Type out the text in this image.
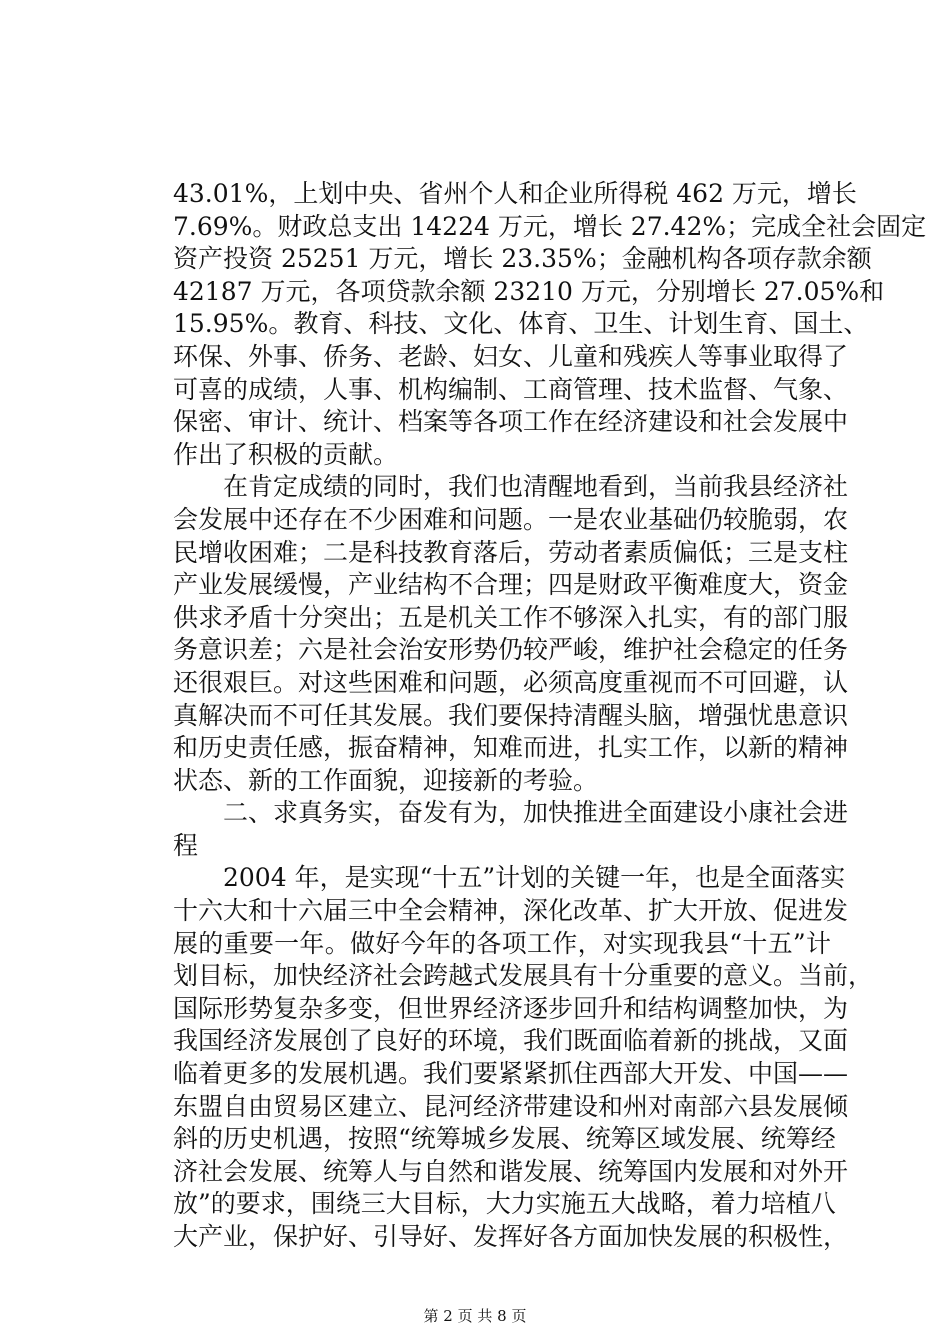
43.01%，上划中央、省州个人和企业所得税 462 万元，增长
7.69%。财政总支出 14224 万元，增长 27.42%；完成全社会固定
资产投资 25251 万元，增长 23.35%；金融机构各项存款余额
42187 万元，各项贷款余额 23210 万元，分别增长 27.05%和
15.95%。教育、科技、文化、体育、卫生、计划生育、国土、
环保、外事、侨务、老龄、妇女、儿童和残疾人等事业取得了
可喜的成绩，人事、机构编制、工商管理、技术监督、气象、
保密、审计、统计、档案等各项工作在经济建设和社会发展中
作出了积极的贡献。
　　在肯定成绩的同时，我们也清醒地看到，当前我县经济社
会发展中还存在不少困难和问题。一是农业基础仍较脆弱，农
民增收困难；二是科技教育落后，劳动者素质偏低；三是支柱
产业发展缓慢，产业结构不合理；四是财政平衡难度大，资金
供求矛盾十分突出；五是机关工作不够深入扎实，有的部门服
务意识差；六是社会治安形势仍较严峻，维护社会稳定的任务
还很艰巨。对这些困难和问题，必须高度重视而不可回避，认
真解决而不可任其发展。我们要保持清醒头脑，增强忧患意识
和历史责任感，振奋精神，知难而进，扎实工作，以新的精神
状态、新的工作面貌，迎接新的考验。
　　二、求真务实，奋发有为，加快推进全面建设小康社会进
程
　　2004 年，是实现“十五”计划的关键一年，也是全面落实
十六大和十六届三中全会精神，深化改革、扩大开放、促进发
展的重要一年。做好今年的各项工作，对实现我县“十五”计
划目标，加快经济社会跨越式发展具有十分重要的意义。当前，
国际形势复杂多变，但世界经济逐步回升和结构调整加快，为
我国经济发展创了良好的环境，我们既面临着新的挑战，又面
临着更多的发展机遇。我们要紧紧抓住西部大开发、中国——
东盟自由贸易区建立、昆河经济带建设和州对南部六县发展倾
斜的历史机遇，按照“统筹城乡发展、统筹区域发展、统筹经
济社会发展、统筹人与自然和谐发展、统筹国内发展和对外开
放”的要求，围绕三大目标，大力实施五大战略，着力培植八
大产业，保护好、引导好、发挥好各方面加快发展的积极性，
第 2 页 共 8 页
